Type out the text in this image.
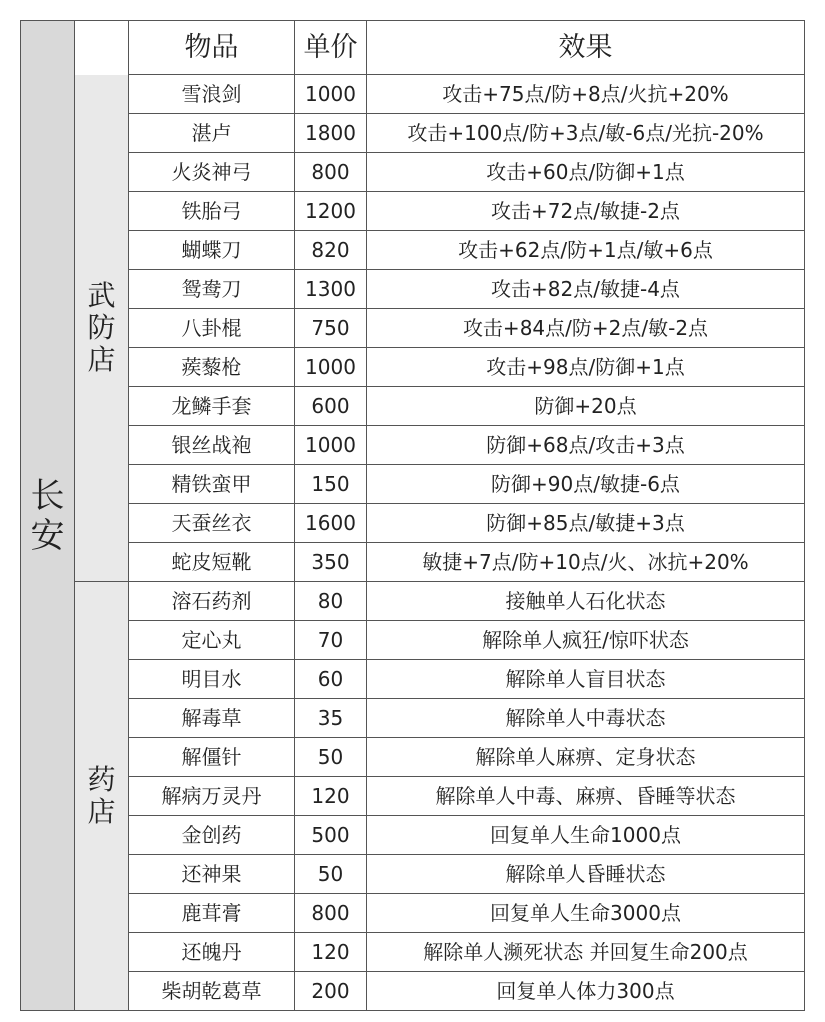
长安		物品	单价	效果
	武防店	雪浪剑	1000	攻击+75点/防+8点/火抗+20%
		湛卢	1800	攻击+100点/防+3点/敏-6点/光抗-20%
		火炎神弓	800	攻击+60点/防御+1点
		铁胎弓	1200	攻击+72点/敏捷-2点
		蝴蝶刀	820	攻击+62点/防+1点/敏+6点
		鸳鸯刀	1300	攻击+82点/敏捷-4点
		八卦棍	750	攻击+84点/防+2点/敏-2点
		蒺藜枪	1000	攻击+98点/防御+1点
		龙鳞手套	600	防御+20点
		银丝战袍	1000	防御+68点/攻击+3点
		精铁蛮甲	150	防御+90点/敏捷-6点
		天蚕丝衣	1600	防御+85点/敏捷+3点
		蛇皮短靴	350	敏捷+7点/防+10点/火、冰抗+20%
	药店	溶石药剂	80	接触单人石化状态
		定心丸	70	解除单人疯狂/惊吓状态
		明目水	60	解除单人盲目状态
		解毒草	35	解除单人中毒状态
		解僵针	50	解除单人麻痹、定身状态
		解病万灵丹	120	解除单人中毒、麻痹、昏睡等状态
		金创药	500	回复单人生命1000点
		还神果	50	解除单人昏睡状态
		鹿茸膏	800	回复单人生命3000点
		还魄丹	120	解除单人濒死状态 并回复生命200点
		柴胡乾葛草	200	回复单人体力300点
